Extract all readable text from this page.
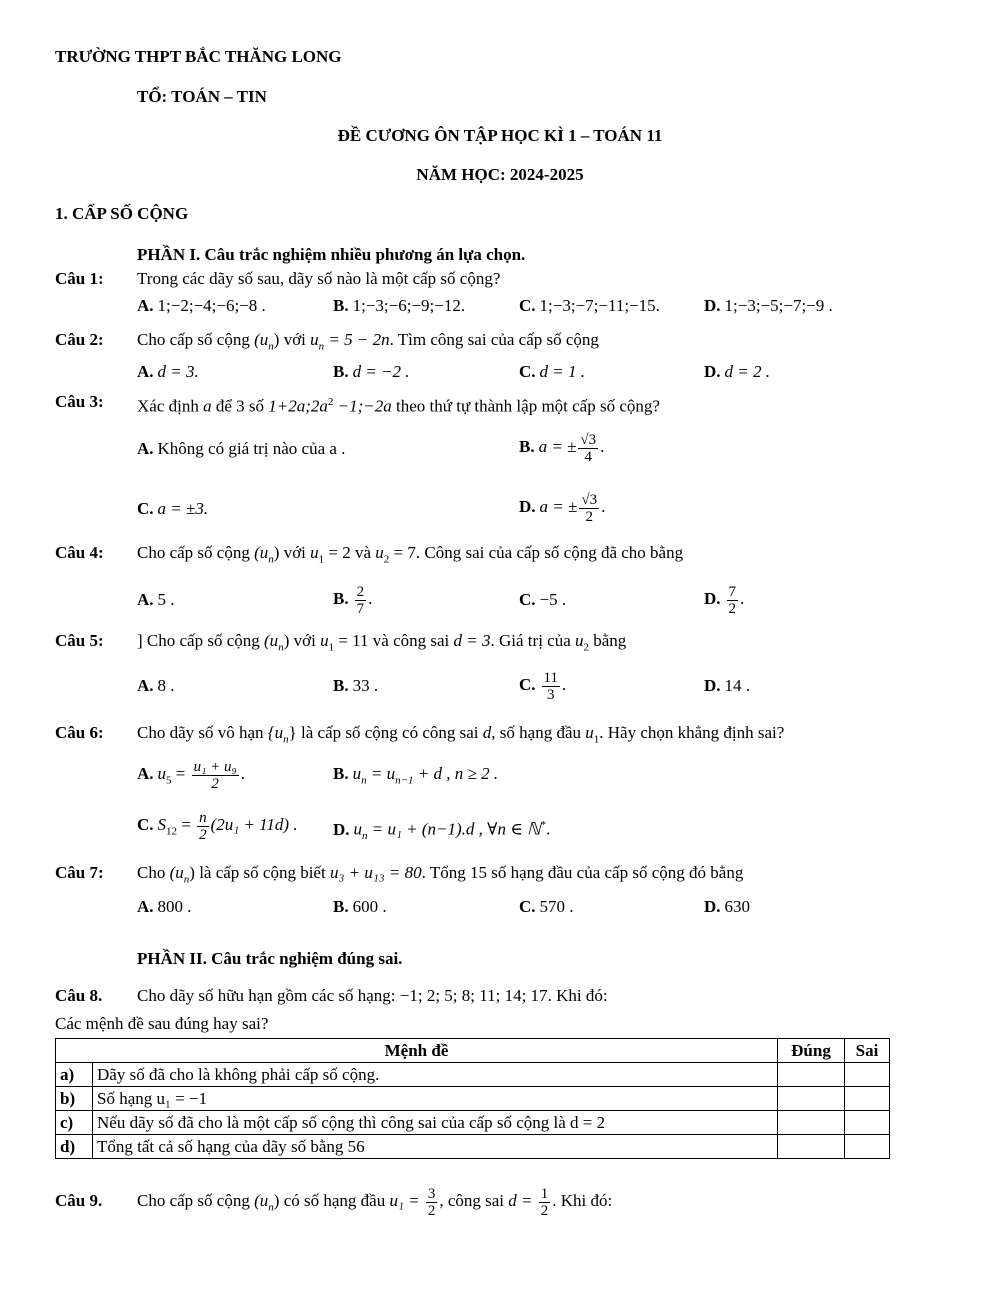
TRƯỜNG THPT BẮC THĂNG LONG
TỔ: TOÁN – TIN
ĐỀ CƯƠNG ÔN TẬP HỌC KÌ 1 – TOÁN 11
NĂM HỌC: 2024-2025
1. CẤP SỐ CỘNG
PHẦN I. Câu trắc nghiệm nhiều phương án lựa chọn.
Câu 1: Trong các dãy số sau, dãy số nào là một cấp số cộng?
A. 1;−2;−4;−6;−8 .	B. 1;−3;−6;−9;−12.	C. 1;−3;−7;−11;−15.	D. 1;−3;−5;−7;−9 .
Câu 2: Cho cấp số cộng $(u_n)$ với $u_n = 5 - 2n$. Tìm công sai của cấp số cộng
A. d = 3.	B. d = −2 .	C. d = 1 .	D. d = 2 .
Câu 3: Xác định a để 3 số $1+2a;2a^2$ −1;−2a theo thứ tự thành lập một cấp số cộng?
A. Không có giá trị nào của a .	B. a = ± $\frac{√3}{4}$ .
C. a = ±3.	D. a = ± $\frac{√3}{2}$ .
Câu 4: Cho cấp số cộng $(u_n)$ với $u_1 = 2$ và $u_2 = 7$. Công sai của cấp số cộng đã cho bằng
A. 5 .	B. $\frac{2}{7}$ .	C. −5 .	D. $\frac{7}{2}$ .
Câu 5: ] Cho cấp số cộng $(u_n)$ với $u_1 = 11$ và công sai d = 3. Giá trị của $u_2$ bằng
A. 8 .	B. 33 .	C. $\frac{11}{3}$ .	D. 14 .
Câu 6: Cho dãy số vô hạn $\{u_n\}$ là cấp số cộng có công sai d, số hạng đầu $u_1$. Hãy chọn khẳng định sai?
A. $u_5 = \frac{\text{u₁ + u₉}}{2}$ .	B. $u_n = u_{n-1} + d$ , n ≥ 2 .
C. $S_{12} = \frac{n}{2} (2u_1 + 11d)$ . D. $u_n = u_1 + (n-1).d$ , ∀n ∈ ℕ*.
Câu 7: Cho $(u_n)$ là cấp số cộng biết u₃ + u₁₃ = 80. Tổng 15 số hạng đầu của cấp số cộng đó bằng
A. 800 .	B. 600 .	C. 570 .	D. 630
PHẦN II. Câu trắc nghiệm đúng sai.
Câu 8. Cho dãy số hữu hạn gồm các số hạng: −1; 2; 5; 8; 11; 14; 17. Khi đó:
Các mệnh đề sau đúng hay sai?
Mệnh đề		Đúng	Sai
a)	Dãy số đã cho là không phải cấp số cộng.		
b)	Số hạng u₁ = −1		
c)	Nếu dãy số đã cho là một cấp số cộng thì công sai của cấp số cộng là d = 2		
d)	Tổng tất cả số hạng của dãy số bằng 56		
Câu 9. Cho cấp số cộng $(u_n)$ có số hạng đầu $u_1 = \frac{3}{2}$ , công sai $d = \frac{1}{2}$ . Khi đó:
